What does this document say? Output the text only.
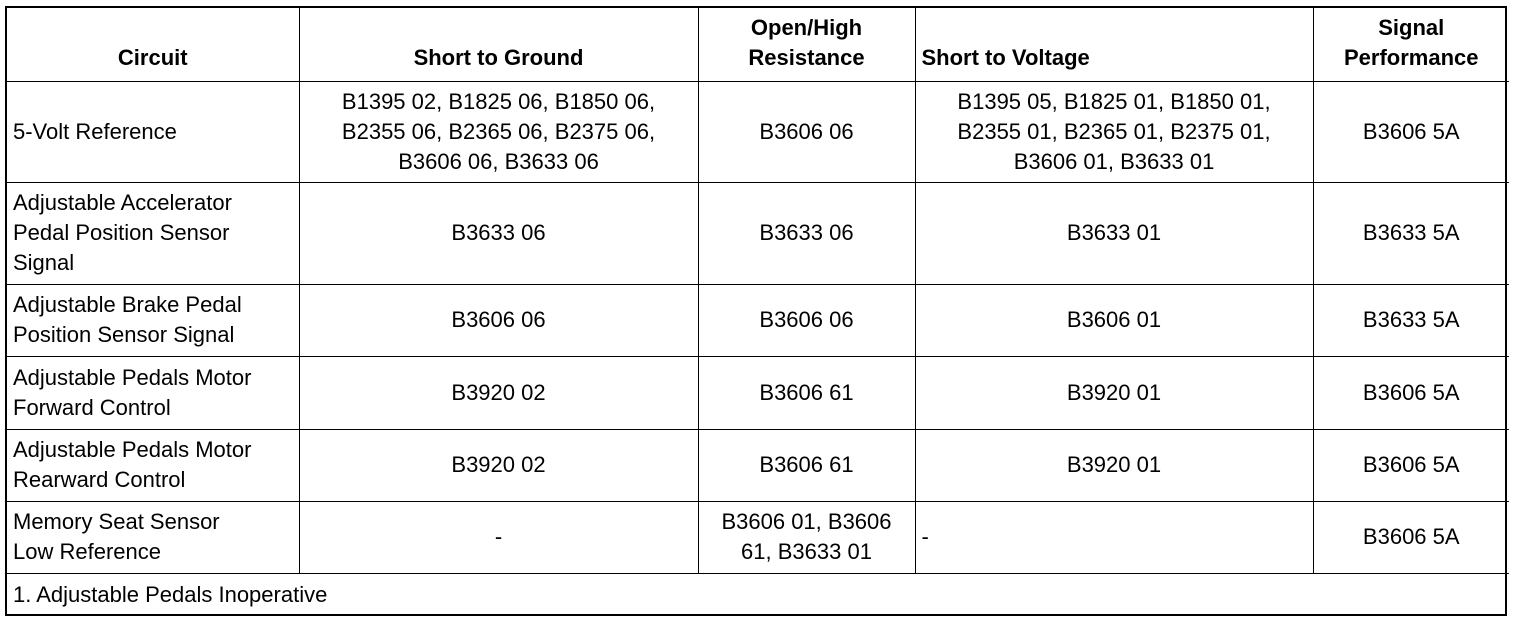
Circuit	Short to Ground	Open/High
Resistance	Short to Voltage	Signal
Performance

5-Volt Reference	B1395 02, B1825 06, B1850 06,
B2355 06, B2365 06, B2375 06,
B3606 06, B3633 06	B3606 06	B1395 05, B1825 01, B1850 01,
B2355 01, B2365 01, B2375 01,
B3606 01, B3633 01	B3606 5A

Adjustable Accelerator
Pedal Position Sensor
Signal	B3633 06	B3633 06	B3633 01	B3633 5A

Adjustable Brake Pedal
Position Sensor Signal	B3606 06	B3606 06	B3606 01	B3633 5A

Adjustable Pedals Motor
Forward Control	B3920 02	B3606 61	B3920 01	B3606 5A

Adjustable Pedals Motor
Rearward Control	B3920 02	B3606 61	B3920 01	B3606 5A

Memory Seat Sensor
Low Reference	-	B3606 01, B3606
61, B3633 01	-	B3606 5A

1. Adjustable Pedals Inoperative				
